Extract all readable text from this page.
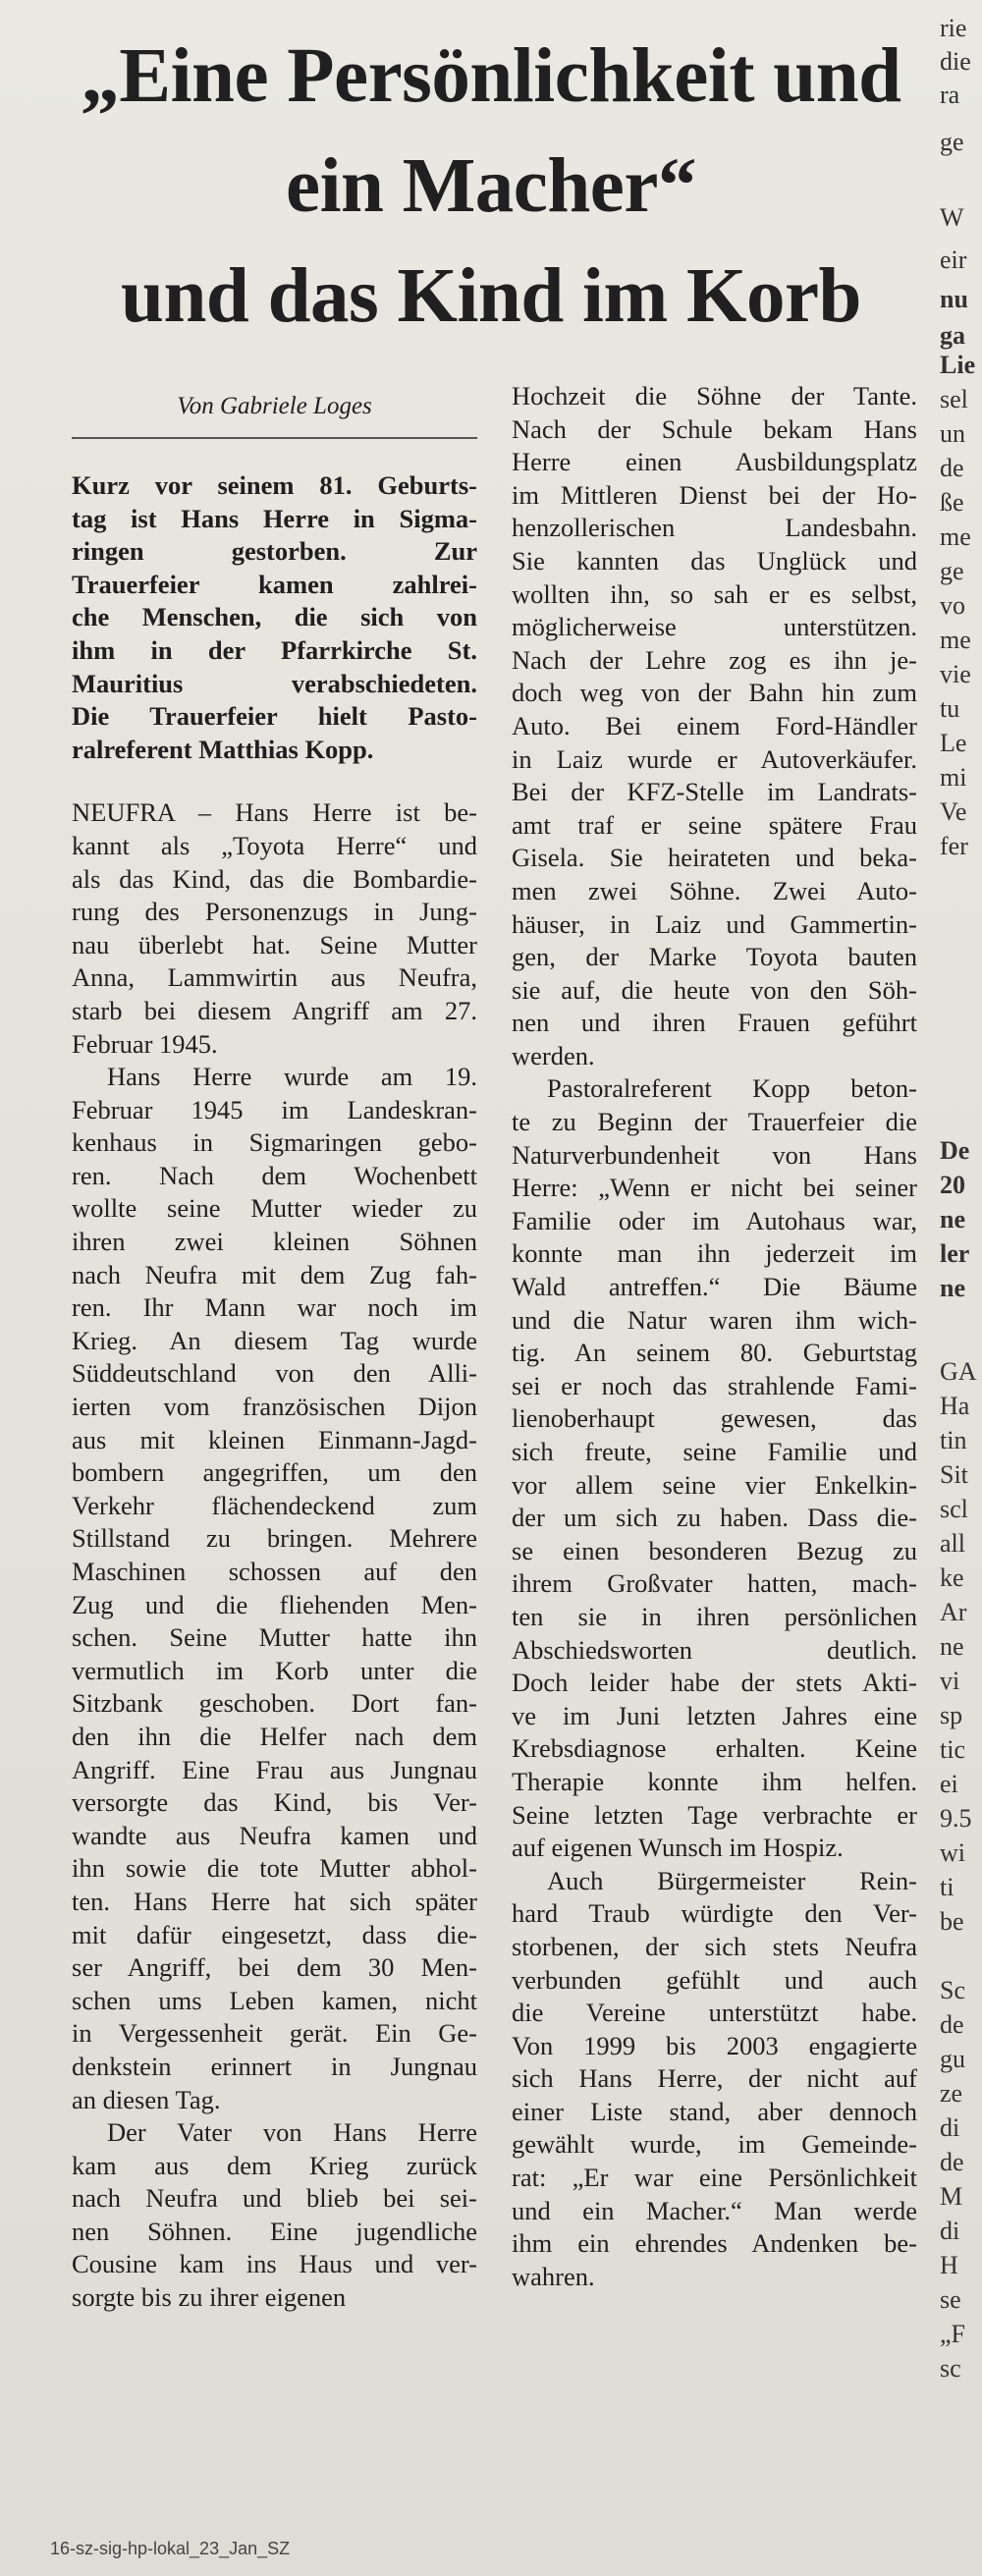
„Eine Persönlichkeit und
ein Macher“
und das Kind im Korb
Von Gabriele Loges
Kurz vor seinem 81. Geburts-
tag ist Hans Herre in Sigma-
ringen gestorben. Zur
Trauerfeier kamen zahlrei-
che Menschen, die sich von
ihm in der Pfarrkirche St.
Mauritius verabschiedeten.
Die Trauerfeier hielt Pasto-
ralreferent Matthias Kopp.

NEUFRA – Hans Herre ist be-
kannt als „Toyota Herre“ und
als das Kind, das die Bombardie-
rung des Personenzugs in Jung-
nau überlebt hat. Seine Mutter
Anna, Lammwirtin aus Neufra,
starb bei diesem Angriff am 27.
Februar 1945.

Hans Herre wurde am 19.
Februar 1945 im Landeskran-
kenhaus in Sigmaringen gebo-
ren. Nach dem Wochenbett
wollte seine Mutter wieder zu
ihren zwei kleinen Söhnen
nach Neufra mit dem Zug fah-
ren. Ihr Mann war noch im
Krieg. An diesem Tag wurde
Süddeutschland von den Alli-
ierten vom französischen Dijon
aus mit kleinen Einmann-Jagd-
bombern angegriffen, um den
Verkehr flächendeckend zum
Stillstand zu bringen. Mehrere
Maschinen schossen auf den
Zug und die fliehenden Men-
schen. Seine Mutter hatte ihn
vermutlich im Korb unter die
Sitzbank geschoben. Dort fan-
den ihn die Helfer nach dem
Angriff. Eine Frau aus Jungnau
versorgte das Kind, bis Ver-
wandte aus Neufra kamen und
ihn sowie die tote Mutter abhol-
ten. Hans Herre hat sich später
mit dafür eingesetzt, dass die-
ser Angriff, bei dem 30 Men-
schen ums Leben kamen, nicht
in Vergessenheit gerät. Ein Ge-
denkstein erinnert in Jungnau
an diesen Tag.

Der Vater von Hans Herre
kam aus dem Krieg zurück
nach Neufra und blieb bei sei-
nen Söhnen. Eine jugendliche
Cousine kam ins Haus und ver-
sorgte bis zu ihrer eigenen

Hochzeit die Söhne der Tante.
Nach der Schule bekam Hans
Herre einen Ausbildungsplatz
im Mittleren Dienst bei der Ho-
henzollerischen Landesbahn.
Sie kannten das Unglück und
wollten ihn, so sah er es selbst,
möglicherweise unterstützen.
Nach der Lehre zog es ihn je-
doch weg von der Bahn hin zum
Auto. Bei einem Ford-Händler
in Laiz wurde er Autoverkäufer.
Bei der KFZ-Stelle im Landrats-
amt traf er seine spätere Frau
Gisela. Sie heirateten und beka-
men zwei Söhne. Zwei Auto-
häuser, in Laiz und Gammertin-
gen, der Marke Toyota bauten
sie auf, die heute von den Söh-
nen und ihren Frauen geführt
werden.

Pastoralreferent Kopp beton-
te zu Beginn der Trauerfeier die
Naturverbundenheit von Hans
Herre: „Wenn er nicht bei seiner
Familie oder im Autohaus war,
konnte man ihn jederzeit im
Wald antreffen.“ Die Bäume
und die Natur waren ihm wich-
tig. An seinem 80. Geburtstag
sei er noch das strahlende Fami-
lienoberhaupt gewesen, das
sich freute, seine Familie und
vor allem seine vier Enkelkin-
der um sich zu haben. Dass die-
se einen besonderen Bezug zu
ihrem Großvater hatten, mach-
ten sie in ihren persönlichen
Abschiedsworten deutlich.
Doch leider habe der stets Akti-
ve im Juni letzten Jahres eine
Krebsdiagnose erhalten. Keine
Therapie konnte ihm helfen.
Seine letzten Tage verbrachte er
auf eigenen Wunsch im Hospiz.

Auch Bürgermeister Rein-
hard Traub würdigte den Ver-
storbenen, der sich stets Neufra
verbunden gefühlt und auch
die Vereine unterstützt habe.
Von 1999 bis 2003 engagierte
sich Hans Herre, der nicht auf
einer Liste stand, aber dennoch
gewählt wurde, im Gemeinde-
rat: „Er war eine Persönlichkeit
und ein Macher.“ Man werde
ihm ein ehrendes Andenken be-
wahren.

16-sz-sig-hp-lokal_23_Jan_SZ
rie
die
ra
ge
W
eir
nu
ga
Lie
sel
un
de
ße
me
ge
vo
me
vie
tu
Le
mi
Ve
fer
De
20
ne
ler
ne
GA
Ha
tin
Sit
scl
all
ke
Ar
ne
vi
sp
tic
ei
9.5
wi
ti
be
Sc
de
gu
ze
di
de
M
di
H
se
„F
sc
